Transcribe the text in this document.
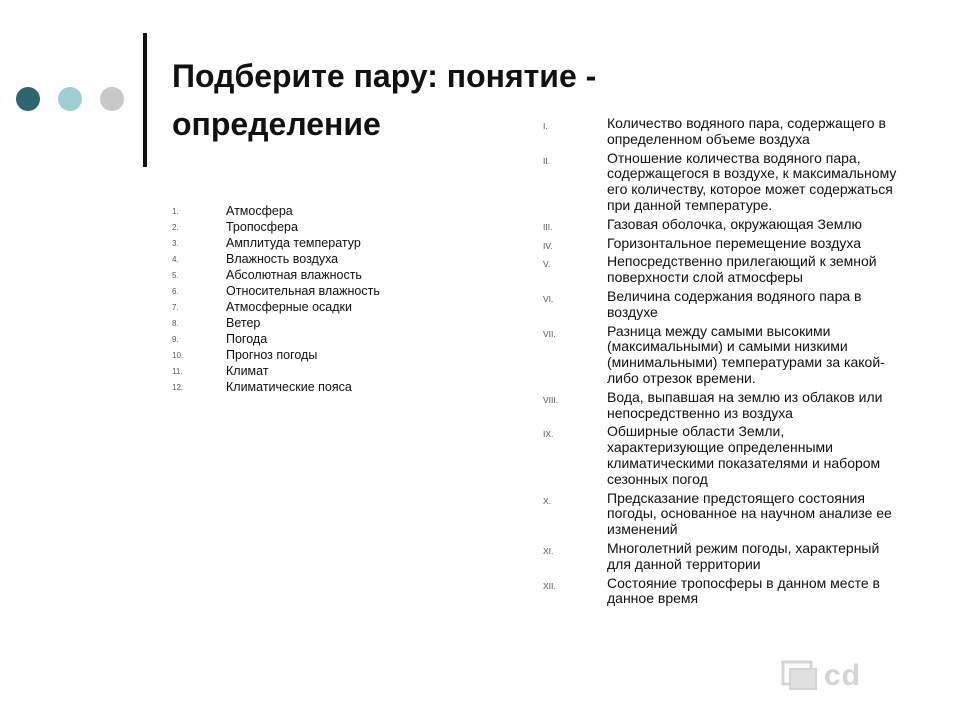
Подберите пару: понятие - определение
1.	Атмосфера
2.	Тропосфера
3.	Амплитуда температур
4.	Влажность воздуха
5.	Абсолютная влажность
6.	Относительная влажность
7.	Атмосферные осадки
8.	Ветер
9.	Погода
10.	Прогноз погоды
11.	Климат
12.	Климатические пояса
I.	Количество водяного пара, содержащего в определенном объеме воздуха
II.	Отношение количества водяного пара, содержащегося в воздухе, к максимальному его количеству, которое может содержаться при данной температуре.
III.	Газовая оболочка, окружающая Землю
IV.	Горизонтальное перемещение воздуха
V.	Непосредственно прилегающий к земной поверхности слой атмосферы
VI.	Величина содержания водяного пара в воздухе
VII.	Разница между самыми высокими (максимальными) и самыми низкими (минимальными) температурами за какой-либо отрезок времени.
VIII.	Вода, выпавшая на землю из облаков или непосредственно из воздуха
IX.	Обширные области Земли, характеризующие определенными климатическими показателями и набором сезонных погод
X.	Предсказание предстоящего состояния погоды, основанное на научном анализе ее изменений
XI.	Многолетний режим погоды, характерный для данной территории
XII.	Состояние тропосферы в данном месте в данное время
cd
